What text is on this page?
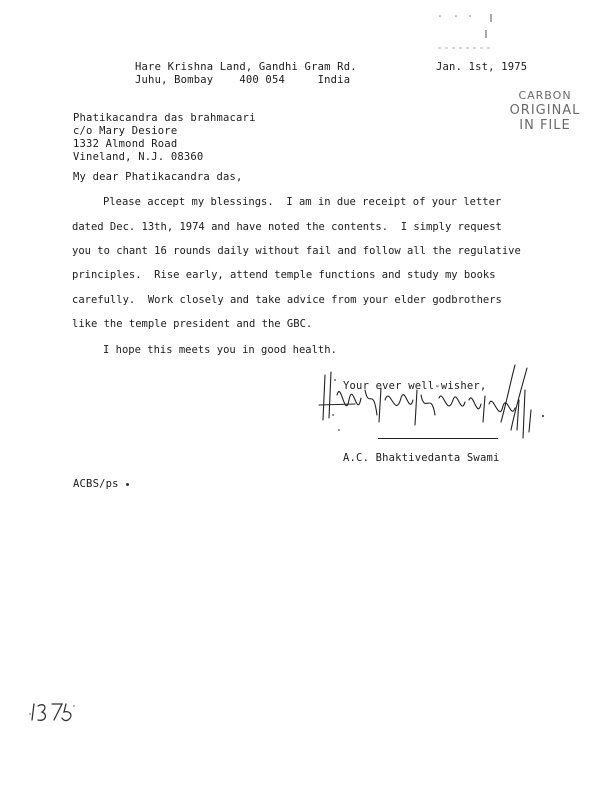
Hare Krishna Land, Gandhi Gram Rd.
Juhu, Bombay    400 054     India
Jan. 1st, 1975
CARBON
ORIGINAL
IN FILE
Phatikacandra das brahmacari
c/o Mary Desiore
1332 Almond Road
Vineland, N.J. 08360
My dear Phatikacandra das,
Please accept my blessings.  I am in due receipt of your letter
dated Dec. 13th, 1974 and have noted the contents.  I simply request
you to chant 16 rounds daily without fail and follow all the regulative
principles.  Rise early, attend temple functions and study my books
carefully.  Work closely and take advice from your elder godbrothers
like the temple president and the GBC.
I hope this meets you in good health.
Your ever well-wisher,
A.C. Bhaktivedanta Swami
ACBS/ps
